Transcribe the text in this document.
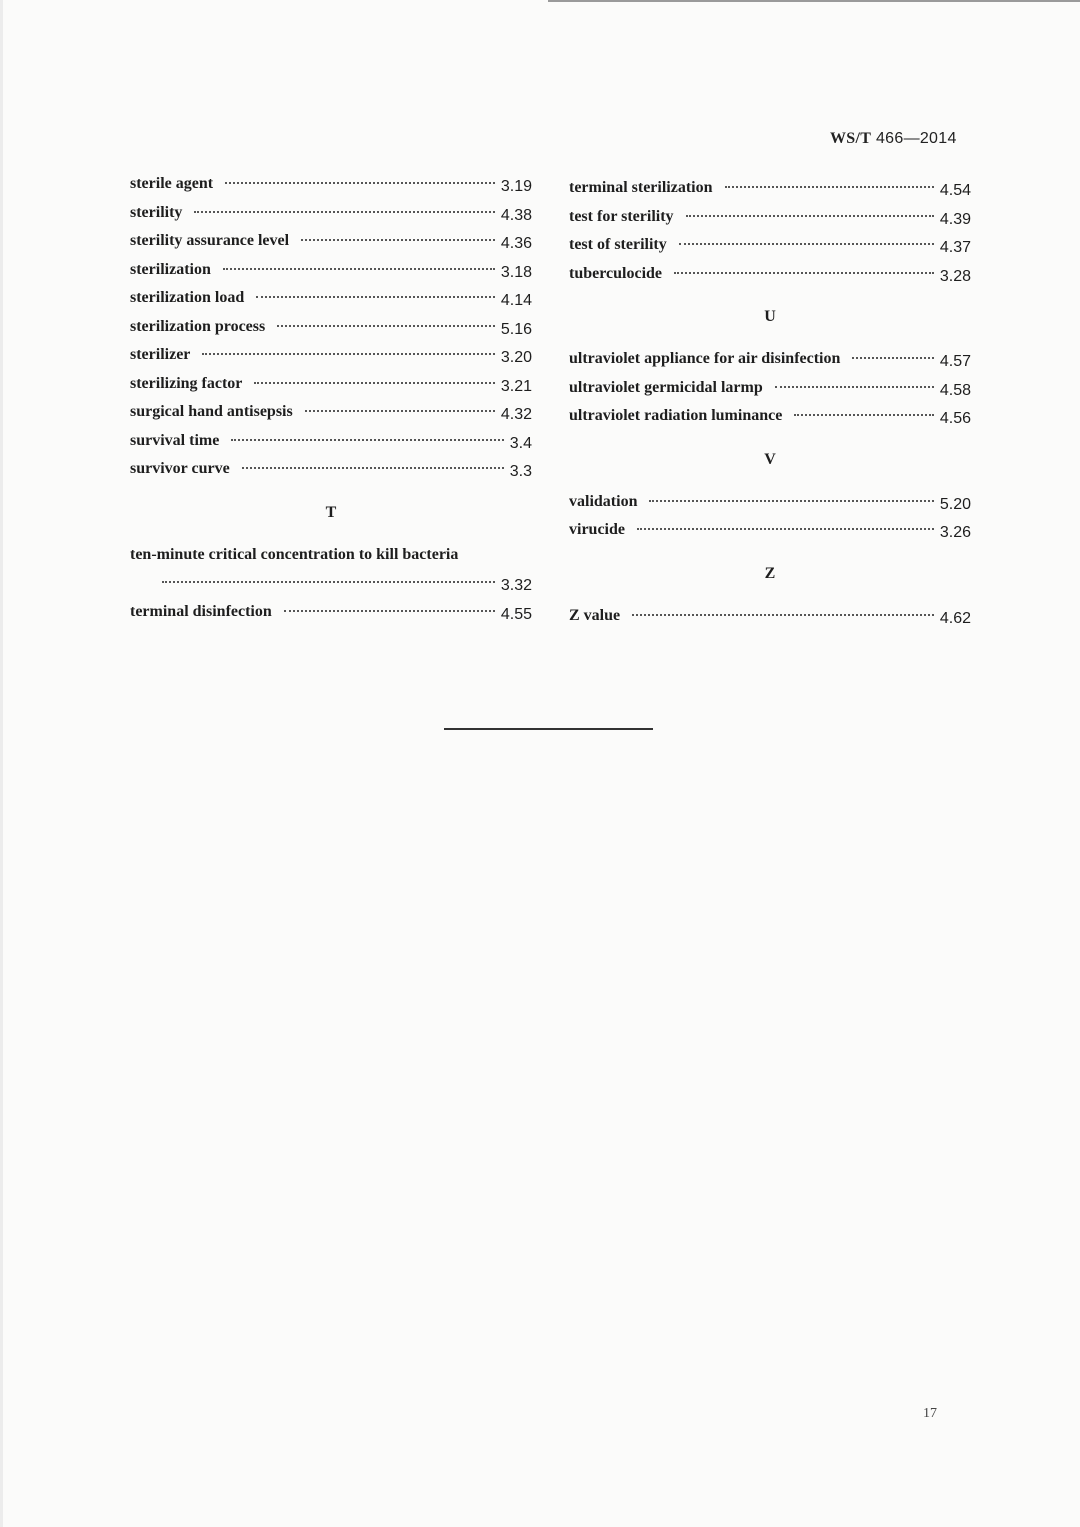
WS/T 466—2014
sterile agent	3.19
sterility	4.38
sterility assurance level	4.36
sterilization	3.18
sterilization load	4.14
sterilization process	5.16
sterilizer	3.20
sterilizing factor	3.21
surgical hand antisepsis	4.32
survival time	3.4
survivor curve	3.3
T
ten-minute critical concentration to kill bacteria
3.32
terminal disinfection	4.55
terminal sterilization	4.54
test for sterility	4.39
test of sterility	4.37
tuberculocide	3.28
U
ultraviolet appliance for air disinfection	4.57
ultraviolet germicidal larmp	4.58
ultraviolet radiation luminance	4.56
V
validation	5.20
virucide	3.26
Z
Z value	4.62
17
